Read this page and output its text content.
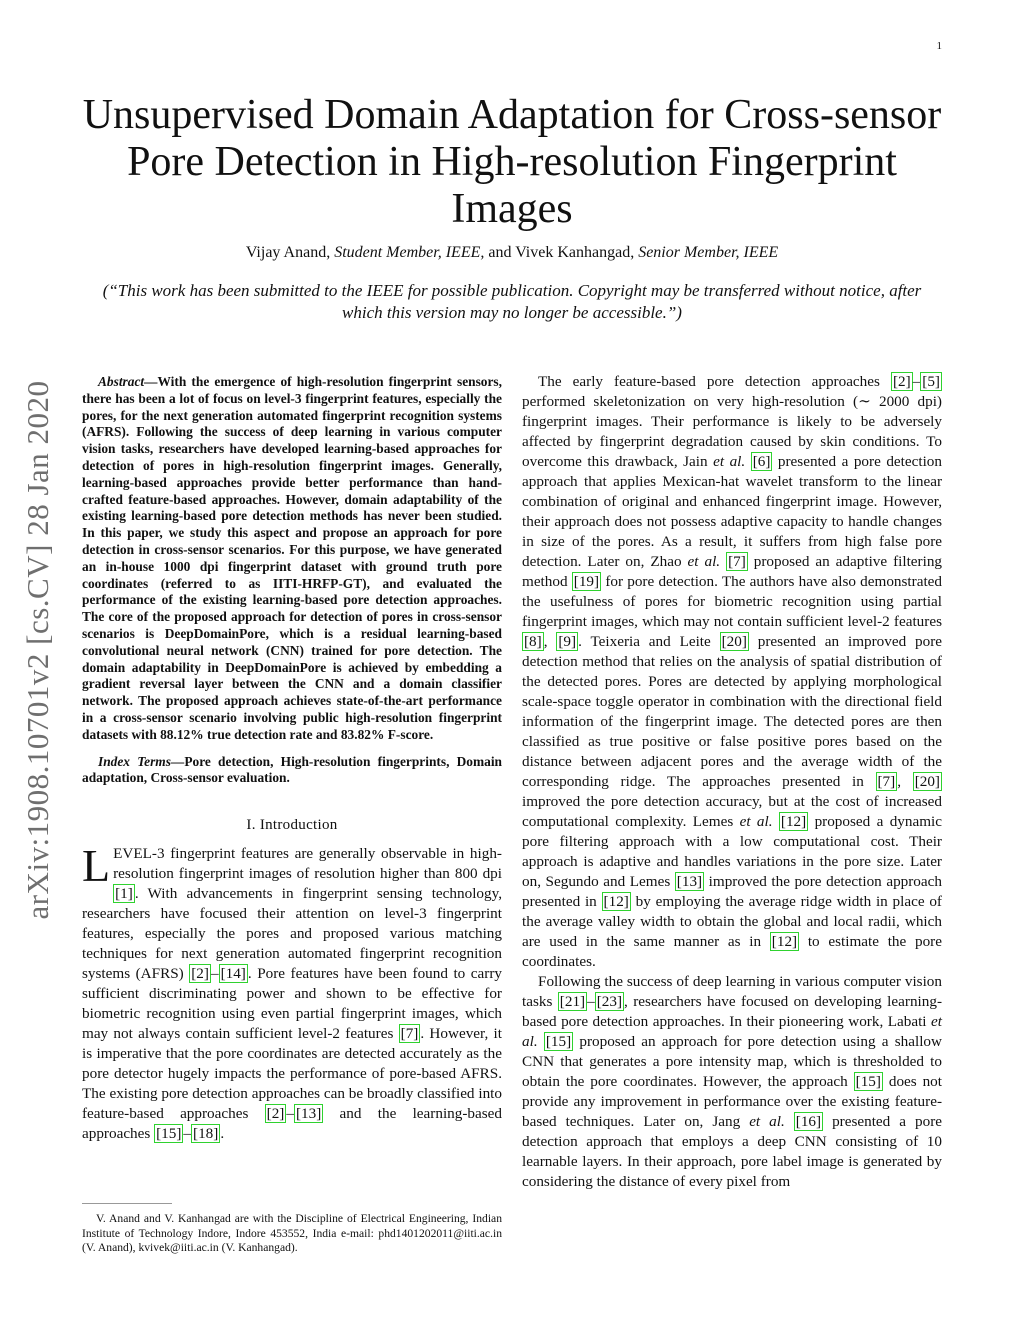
1
arXiv:1908.10701v2 [cs.CV] 28 Jan 2020
Unsupervised Domain Adaptation for Cross-sensor Pore Detection in High-resolution Fingerprint Images
Vijay Anand, Student Member, IEEE, and Vivek Kanhangad, Senior Member, IEEE
(“This work has been submitted to the IEEE for possible publication. Copyright may be transferred without notice, after which this version may no longer be accessible.”)

Abstract—With the emergence of high-resolution fingerprint sensors, there has been a lot of focus on level-3 fingerprint features, especially the pores, for the next generation automated fingerprint recognition systems (AFRS). Following the success of deep learning in various computer vision tasks, researchers have developed learning-based approaches for detection of pores in high-resolution fingerprint images. Generally, learning-based approaches provide better performance than hand-crafted feature-based approaches. However, domain adaptability of the existing learning-based pore detection methods has never been studied. In this paper, we study this aspect and propose an approach for pore detection in cross-sensor scenarios. For this purpose, we have generated an in-house 1000 dpi fingerprint dataset with ground truth pore coordinates (referred to as IITI-HRFP-GT), and evaluated the performance of the existing learning-based pore detection approaches. The core of the proposed approach for detection of pores in cross-sensor scenarios is DeepDomainPore, which is a residual learning-based convolutional neural network (CNN) trained for pore detection. The domain adaptability in DeepDomainPore is achieved by embedding a gradient reversal layer between the CNN and a domain classifier network. The proposed approach achieves state-of-the-art performance in a cross-sensor scenario involving public high-resolution fingerprint datasets with 88.12% true detection rate and 83.82% F-score.

Index Terms—Pore detection, High-resolution fingerprints, Domain adaptation, Cross-sensor evaluation.

I. Introduction

LEVEL-3 fingerprint features are generally observable in high-resolution fingerprint images of resolution higher than 800 dpi [1] . With advancements in fingerprint sensing technology, researchers have focused their attention on level-3 fingerprint features, especially the pores and proposed various matching techniques for next generation automated fingerprint recognition systems (AFRS) [2] – [14] . Pore features have been found to carry sufficient discriminating power and shown to be effective for biometric recognition using even partial fingerprint images, which may not always contain sufficient level-2 features [7] . However, it is imperative that the pore coordinates are detected accurately as the pore detector hugely impacts the performance of pore-based AFRS. The existing pore detection approaches can be broadly classified into feature-based approaches [2] – [13] and the learning-based approaches [15] – [18] .

V. Anand and V. Kanhangad are with the Discipline of Electrical Engineering, Indian Institute of Technology Indore, Indore 453552, India e-mail: phd1401202011@iiti.ac.in (V. Anand), kvivek@iiti.ac.in (V. Kanhangad).

The early feature-based pore detection approaches [2] – [5] performed skeletonization on very high-resolution (∼ 2000 dpi) fingerprint images. Their performance is likely to be adversely affected by fingerprint degradation caused by skin conditions. To overcome this drawback, Jain et al. [6] presented a pore detection approach that applies Mexican-hat wavelet transform to the linear combination of original and enhanced fingerprint image. However, their approach does not possess adaptive capacity to handle changes in size of the pores. As a result, it suffers from high false pore detection. Later on, Zhao et al. [7] proposed an adaptive filtering method [19] for pore detection. The authors have also demonstrated the usefulness of pores for biometric recognition using partial fingerprint images, which may not contain sufficient level-2 features [8] , [9] . Teixeria and Leite [20] presented an improved pore detection method that relies on the analysis of spatial distribution of the detected pores. Pores are detected by applying morphological scale-space toggle operator in combination with the directional field information of the fingerprint image. The detected pores are then classified as true positive or false positive pores based on the distance between adjacent pores and the average width of the corresponding ridge. The approaches presented in [7] , [20] improved the pore detection accuracy, but at the cost of increased computational complexity. Lemes et al. [12] proposed a dynamic pore filtering approach with a low computational cost. Their approach is adaptive and handles variations in the pore size. Later on, Segundo and Lemes [13] improved the pore detection approach presented in [12] by employing the average ridge width in place of the average valley width to obtain the global and local radii, which are used in the same manner as in [12] to estimate the pore coordinates.

Following the success of deep learning in various computer vision tasks [21] – [23] , researchers have focused on developing learning-based pore detection approaches. In their pioneering work, Labati et al. [15] proposed an approach for pore detection using a shallow CNN that generates a pore intensity map, which is thresholded to obtain the pore coordinates. However, the approach [15] does not provide any improvement in performance over the existing feature-based techniques. Later on, Jang et al. [16] presented a pore detection approach that employs a deep CNN consisting of 10 learnable layers. In their approach, pore label image is generated by considering the distance of every pixel from
